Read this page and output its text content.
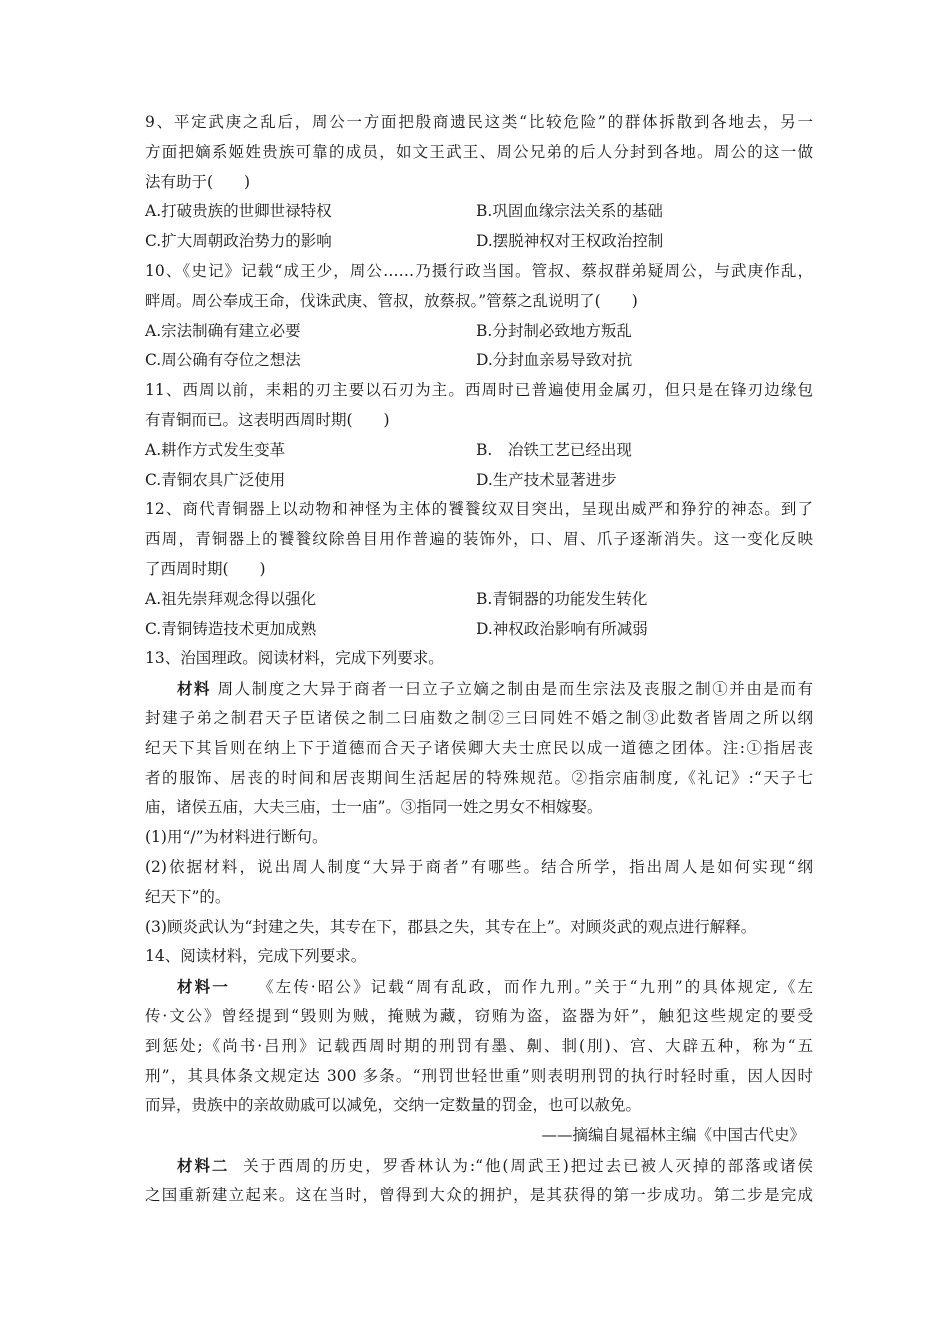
9、平定武庚之乱后，周公一方面把殷商遗民这类“比较危险”的群体拆散到各地去，另一
方面把嫡系姬姓贵族可靠的成员，如文王武王、周公兄弟的后人分封到各地。周公的这一做
法有助于(　　)
A.打破贵族的世卿世禄特权	B.巩固血缘宗法关系的基础
C.扩大周朝政治势力的影响	D.摆脱神权对王权政治控制
10、《史记》记载“成王少，周公……乃摄行政当国。管叔、蔡叔群弟疑周公，与武庚作乱，
畔周。周公奉成王命，伐诛武庚、管叔，放蔡叔。”管蔡之乱说明了(　　)
A.宗法制确有建立必要	B.分封制必致地方叛乱
C.周公确有夺位之想法	D.分封血亲易导致对抗
11、西周以前，耒耜的刃主要以石刃为主。西周时已普遍使用金属刃，但只是在锋刃边缘包
有青铜而已。这表明西周时期(　　)
A.耕作方式发生变革	B.　冶铁工艺已经出现
C.青铜农具广泛使用	D.生产技术显著进步
12、商代青铜器上以动物和神怪为主体的饕餮纹双目突出，呈现出威严和狰狞的神态。到了
西周，青铜器上的饕餮纹除兽目用作普遍的装饰外，口、眉、爪子逐渐消失。这一变化反映
了西周时期(　　)
A.祖先崇拜观念得以强化	B.青铜器的功能发生转化
C.青铜铸造技术更加成熟	D.神权政治影响有所减弱
13、治国理政。阅读材料，完成下列要求。
材料 周人制度之大异于商者一曰立子立嫡之制由是而生宗法及丧服之制①并由是而有
封建子弟之制君天子臣诸侯之制二曰庙数之制②三曰同姓不婚之制③此数者皆周之所以纲
纪天下其旨则在纳上下于道德而合天子诸侯卿大夫士庶民以成一道德之团体。注:①指居丧
者的服饰、居丧的时间和居丧期间生活起居的特殊规范。②指宗庙制度,《礼记》:“天子七
庙，诸侯五庙，大夫三庙，士一庙”。③指同一姓之男女不相嫁娶。
(1)用“/”为材料进行断句。
(2)依据材料，说出周人制度“大异于商者”有哪些。结合所学，指出周人是如何实现“纲
纪天下”的。
(3)顾炎武认为“封建之失，其专在下，郡县之失，其专在上”。对顾炎武的观点进行解释。
14、阅读材料，完成下列要求。
材料一 《左传·昭公》记载“周有乱政，而作九刑。”关于“九刑”的具体规定,《左
传·文公》曾经提到“毁则为贼，掩贼为藏，窃贿为盗，盗器为奸”，触犯这些规定的要受
到惩处;《尚书·吕刑》记载西周时期的刑罚有墨、劓、剕(刖)、宫、大辟五种，称为“五
刑”，其具体条文规定达 300 多条。“刑罚世轻世重”则表明刑罚的执行时轻时重，因人因时
而异，贵族中的亲故勋戚可以减免，交纳一定数量的罚金，也可以赦免。
——摘编自晁福林主编《中国古代史》
材料二 关于西周的历史，罗香林认为:“他(周武王)把过去已被人灭掉的部落或诸侯
之国重新建立起来。这在当时，曾得到大众的拥护，是其获得的第一步成功。第二步是完成
